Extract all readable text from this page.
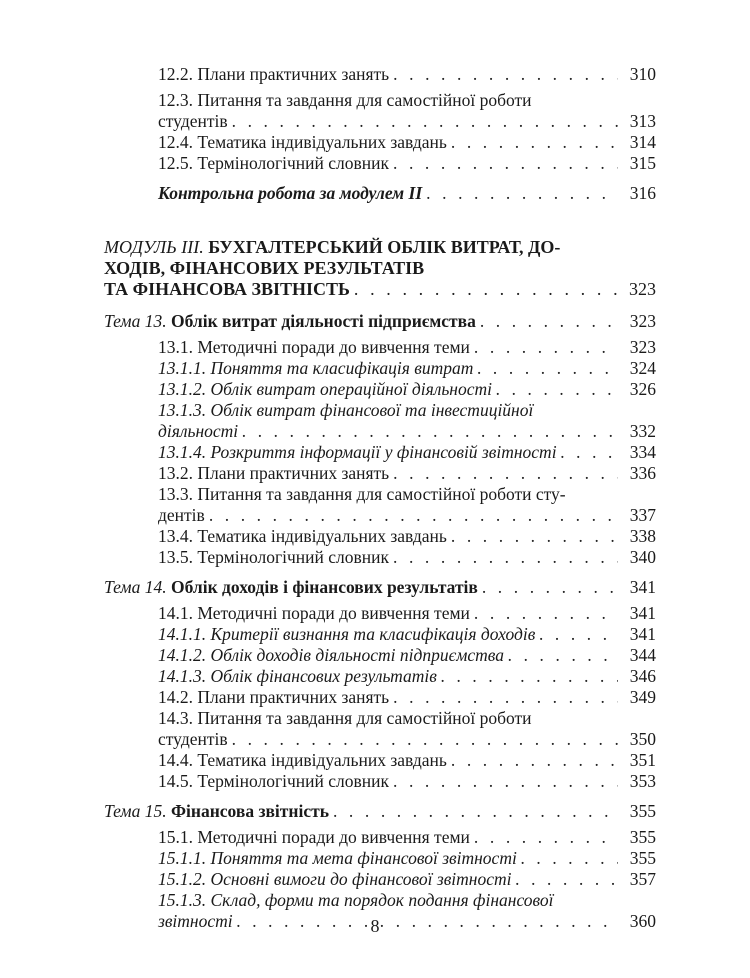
12.2. Плани практичних занять . . .	310
12.3. Питання та завдання для самостійної роботи
студентів . . .	313
12.4. Тематика індивідуальних завдань . . .	314
12.5. Термінологічний словник . . .	315
Контрольна робота за модулем ІІ . . .	316
МОДУЛЬ ІІІ. БУХГАЛТЕРСЬКИЙ ОБЛІК ВИТРАТ, ДО-
ХОДІВ, ФІНАНСОВИХ РЕЗУЛЬТАТІВ
ТА ФІНАНСОВА ЗВІТНІСТЬ . . .	323
Тема 13. Облік витрат діяльності підприємства . . .	323
13.1. Методичні поради до вивчення теми . . .	323
13.1.1. Поняття та класифікація витрат . . .	324
13.1.2. Облік витрат операційної діяльності . . .	326
13.1.3. Облік витрат фінансової та інвестиційної
діяльності . . .	332
13.1.4. Розкриття інформації у фінансовій звітності . . .	334
13.2. Плани практичних занять . . .	336
13.3. Питання та завдання для самостійної роботи сту-
дентів . . .	337
13.4. Тематика індивідуальних завдань . . .	338
13.5. Термінологічний словник . . .	340
Тема 14. Облік доходів і фінансових результатів . . .	341
14.1. Методичні поради до вивчення теми . . .	341
14.1.1. Критерії визнання та класифікація доходів . . .	341
14.1.2. Облік доходів діяльності підприємства . . .	344
14.1.3. Облік фінансових результатів . . .	346
14.2. Плани практичних занять . . .	349
14.3. Питання та завдання для самостійної роботи
студентів . . .	350
14.4. Тематика індивідуальних завдань . . .	351
14.5. Термінологічний словник . . .	353
Тема 15. Фінансова звітність . . .	355
15.1. Методичні поради до вивчення теми . . .	355
15.1.1. Поняття та мета фінансової звітності . . .	355
15.1.2. Основні вимоги до фінансової звітності . . .	357
15.1.3. Склад, форми та порядок подання фінансової
звітності . . .	360
8
